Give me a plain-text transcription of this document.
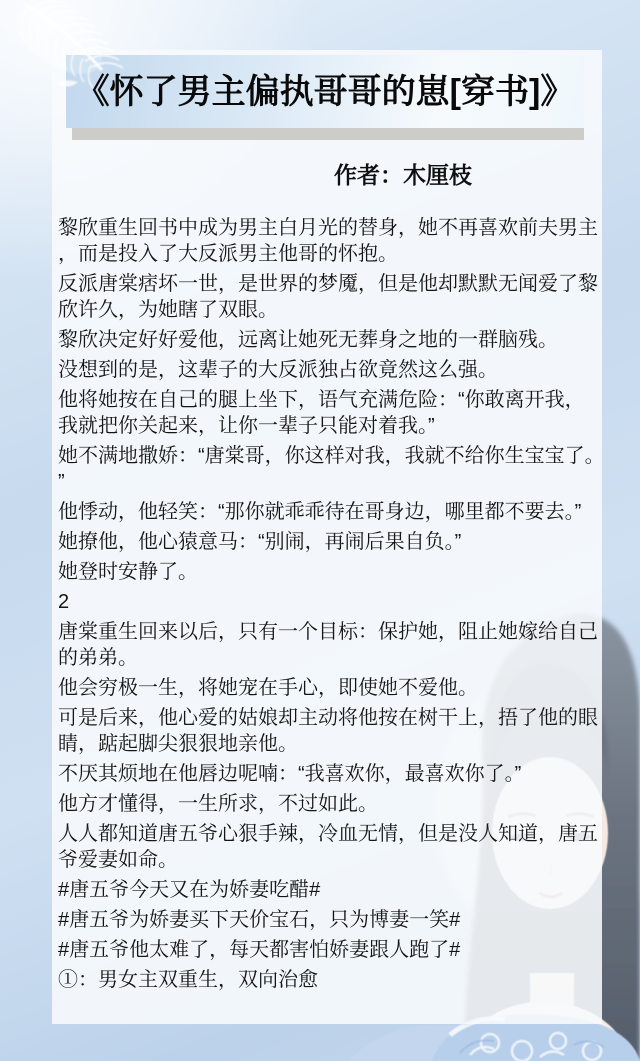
《怀了男主偏执哥哥的崽[穿书]》
作者：木厘枝

黎欣重生回书中成为男主白月光的替身，她不再喜欢前夫男主，而是投入了大反派男主他哥的怀抱。

反派唐棠痞坏一世，是世界的梦魇，但是他却默默无闻爱了黎欣许久，为她瞎了双眼。

黎欣决定好好爱他，远离让她死无葬身之地的一群脑残。

没想到的是，这辈子的大反派独占欲竟然这么强。

他将她按在自己的腿上坐下，语气充满危险：“你敢离开我，我就把你关起来，让你一辈子只能对着我。”

她不满地撒娇：“唐棠哥，你这样对我，我就不给你生宝宝了。”

他悸动，他轻笑：“那你就乖乖待在哥身边，哪里都不要去。”

她撩他，他心猿意马：“别闹，再闹后果自负。”

她登时安静了。

2

唐棠重生回来以后，只有一个目标：保护她，阻止她嫁给自己的弟弟。

他会穷极一生，将她宠在手心，即使她不爱他。

可是后来，他心爱的姑娘却主动将他按在树干上，捂了他的眼睛，踮起脚尖狠狠地亲他。

不厌其烦地在他唇边呢喃：“我喜欢你，最喜欢你了。”

他方才懂得，一生所求，不过如此。

人人都知道唐五爷心狠手辣，冷血无情，但是没人知道，唐五爷爱妻如命。

#唐五爷今天又在为娇妻吃醋#

#唐五爷为娇妻买下天价宝石，只为博妻一笑#

#唐五爷他太难了，每天都害怕娇妻跟人跑了#

①：男女主双重生，双向治愈
